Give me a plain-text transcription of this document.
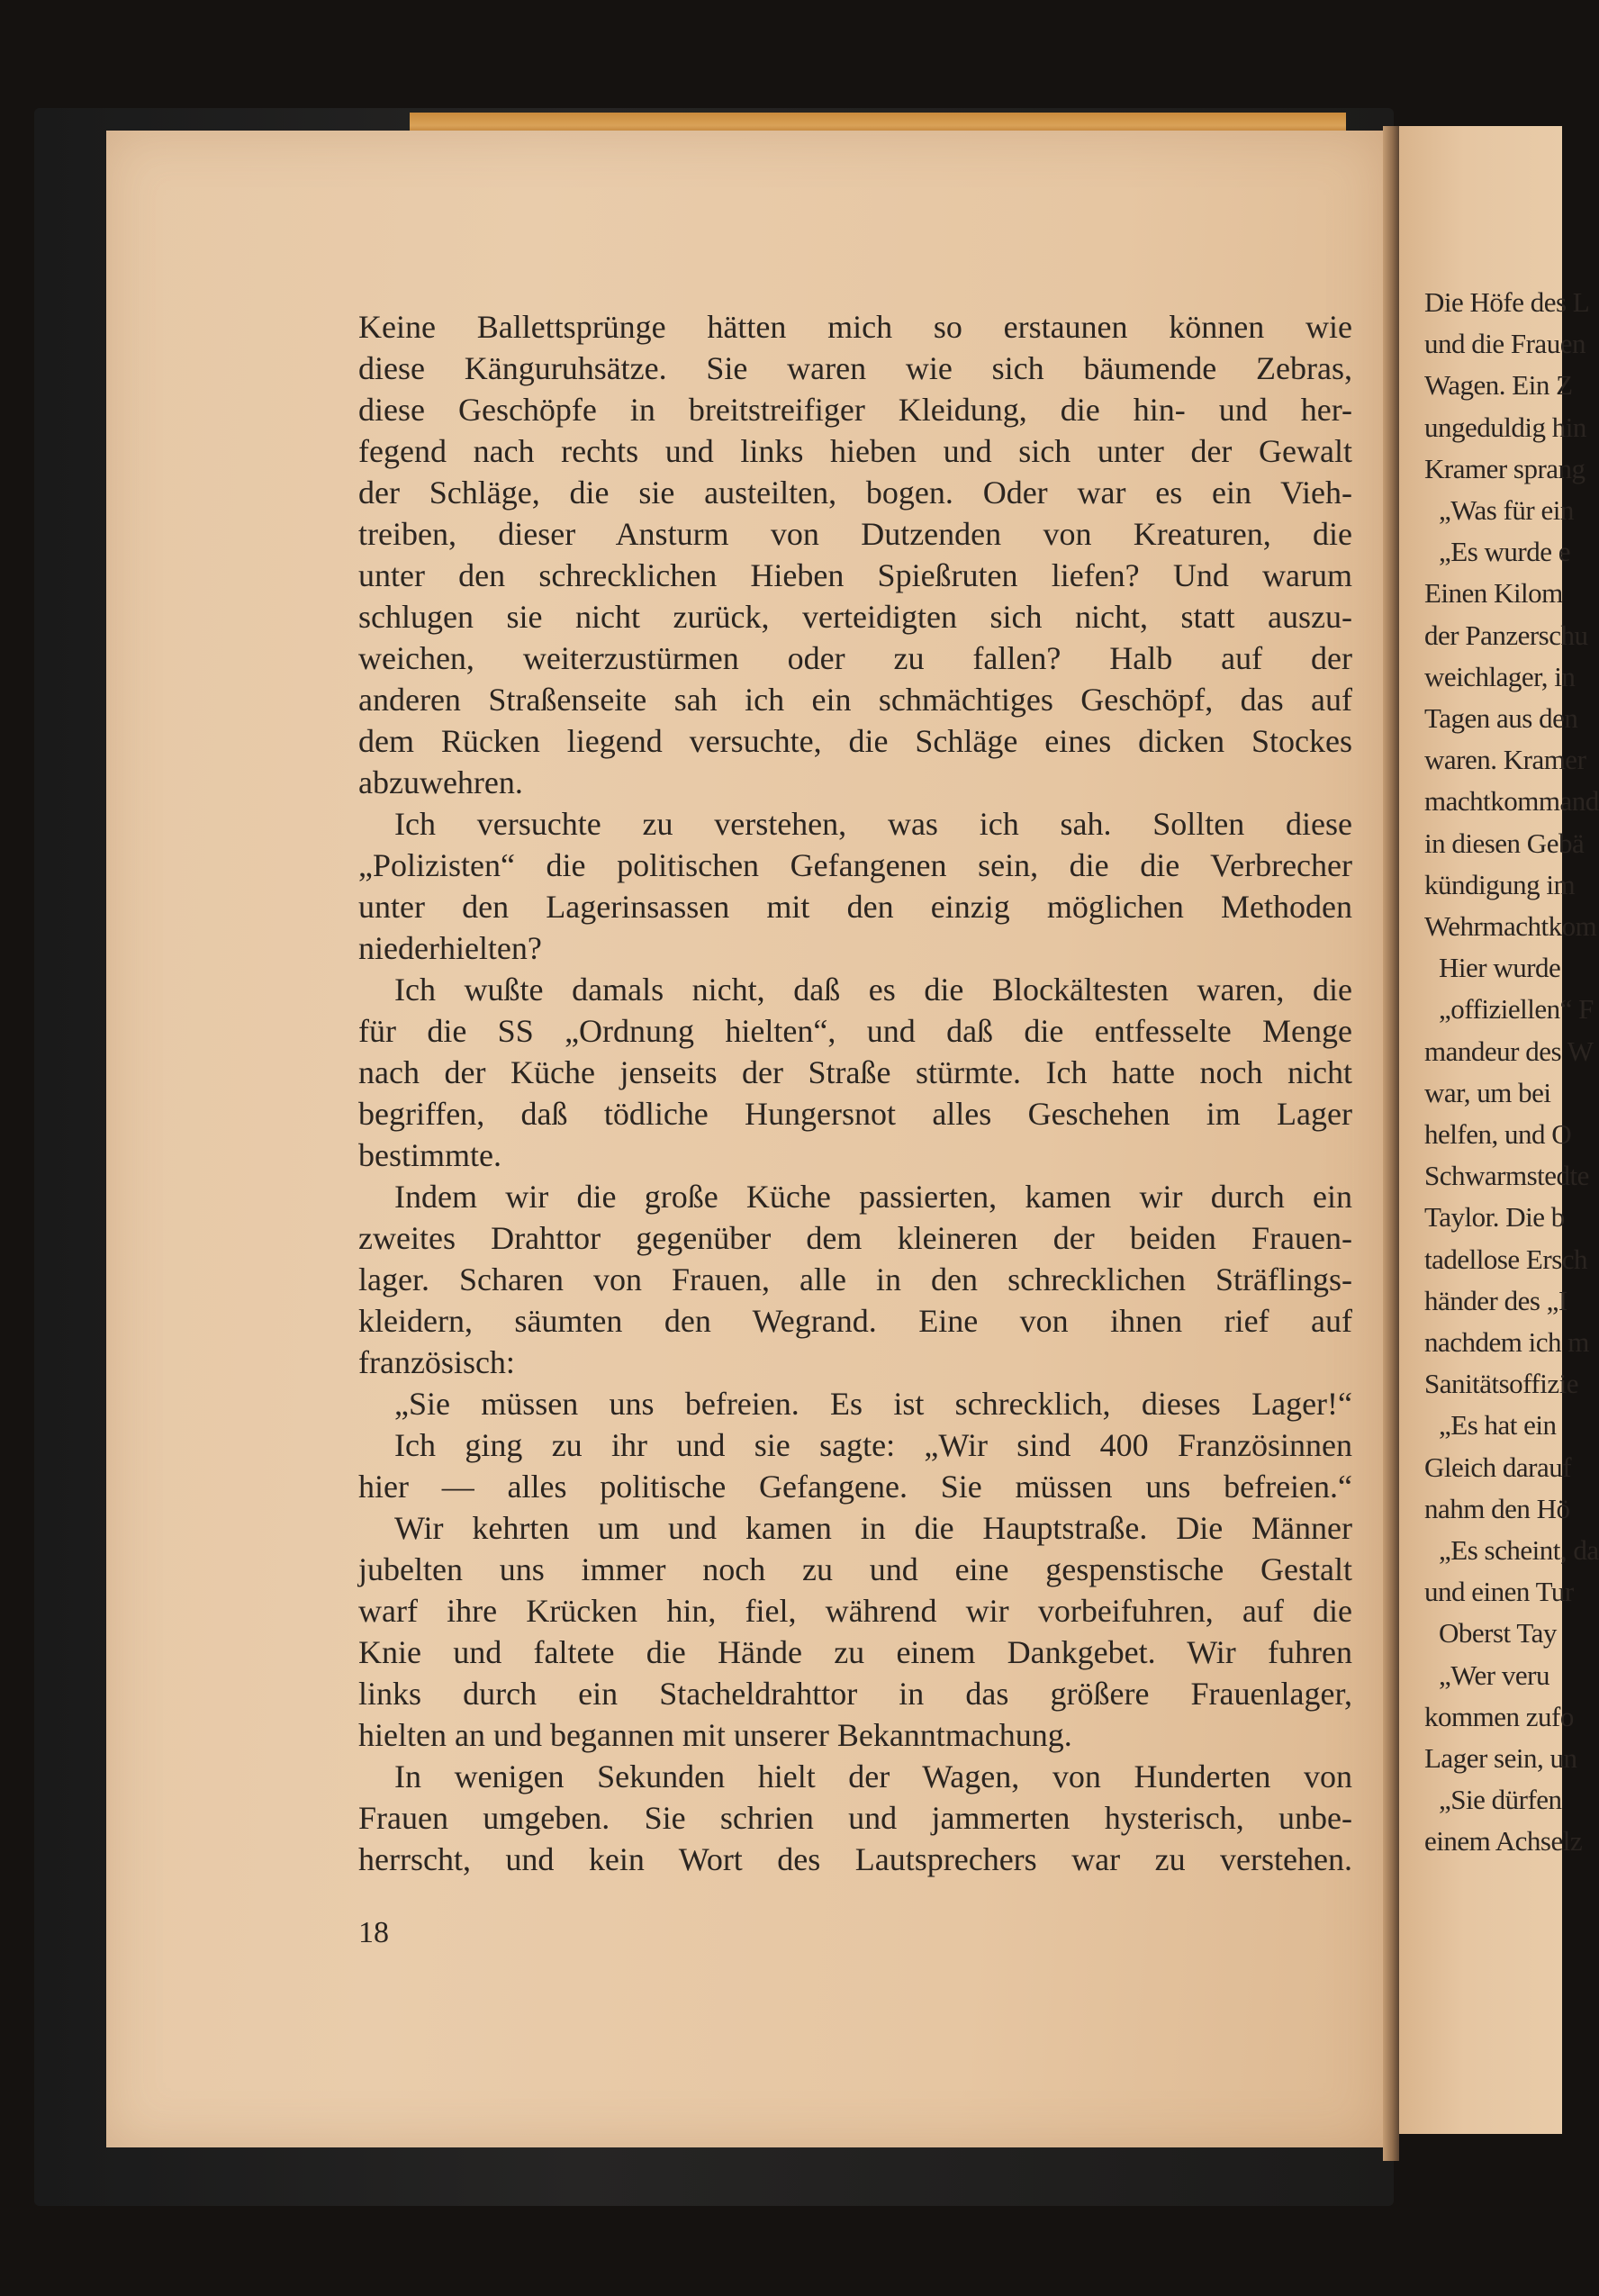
Die Höfe des L
und die Frauen
Wagen. Ein Z
ungeduldig hin
Kramer sprang
„Was für ein
„Es wurde e
Einen Kilom
der Panzerschu
weichlager, in
Tagen aus den
waren. Kramer
machtkommand
in diesen Gebä
kündigung im
Wehrmachtkom
Hier wurde
„offiziellen“ F
mandeur des W
war, um bei
helfen, und O
Schwarmstedte
Taylor. Die b
tadellose Ersch
händer des „I
nachdem ich m
Sanitätsoffizie
„Es hat ein
Gleich darauf
nahm den Hö
„Es scheint, da
und einen Tur
Oberst Tay
„Wer veru
kommen zufo
Lager sein, un
„Sie dürfen
einem Achselz
Keine Ballettsprünge hätten mich so erstaunen können wie
diese Känguruhsätze. Sie waren wie sich bäumende Zebras,
diese Geschöpfe in breitstreifiger Kleidung, die hin- und her-
fegend nach rechts und links hieben und sich unter der Gewalt
der Schläge, die sie austeilten, bogen. Oder war es ein Vieh-
treiben, dieser Ansturm von Dutzenden von Kreaturen, die
unter den schrecklichen Hieben Spießruten liefen? Und warum
schlugen sie nicht zurück, verteidigten sich nicht, statt auszu-
weichen, weiterzustürmen oder zu fallen? Halb auf der
anderen Straßenseite sah ich ein schmächtiges Geschöpf, das auf
dem Rücken liegend versuchte, die Schläge eines dicken Stockes
abzuwehren.
Ich versuchte zu verstehen, was ich sah. Sollten diese
„Polizisten“ die politischen Gefangenen sein, die die Verbrecher
unter den Lagerinsassen mit den einzig möglichen Methoden
niederhielten?
Ich wußte damals nicht, daß es die Blockältesten waren, die
für die SS „Ordnung hielten“, und daß die entfesselte Menge
nach der Küche jenseits der Straße stürmte. Ich hatte noch nicht
begriffen, daß tödliche Hungersnot alles Geschehen im Lager
bestimmte.
Indem wir die große Küche passierten, kamen wir durch ein
zweites Drahttor gegenüber dem kleineren der beiden Frauen-
lager. Scharen von Frauen, alle in den schrecklichen Sträflings-
kleidern, säumten den Wegrand. Eine von ihnen rief auf
französisch:
„Sie müssen uns befreien. Es ist schrecklich, dieses Lager!“
Ich ging zu ihr und sie sagte: „Wir sind 400 Französinnen
hier — alles politische Gefangene. Sie müssen uns befreien.“
Wir kehrten um und kamen in die Hauptstraße. Die Männer
jubelten uns immer noch zu und eine gespenstische Gestalt
warf ihre Krücken hin, fiel, während wir vorbeifuhren, auf die
Knie und faltete die Hände zu einem Dankgebet. Wir fuhren
links durch ein Stacheldrahttor in das größere Frauenlager,
hielten an und begannen mit unserer Bekanntmachung.
In wenigen Sekunden hielt der Wagen, von Hunderten von
Frauen umgeben. Sie schrien und jammerten hysterisch, unbe-
herrscht, und kein Wort des Lautsprechers war zu verstehen.
18
